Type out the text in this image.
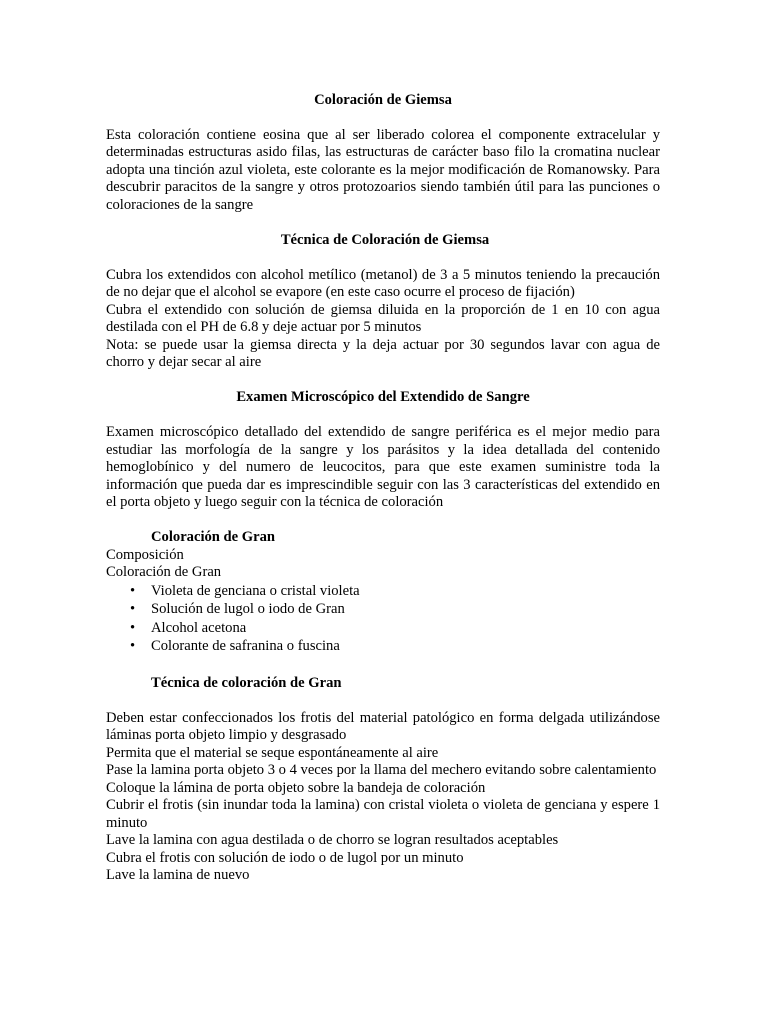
Coloración de Giemsa

Esta coloración contiene eosina que al ser liberado colorea el componente extracelular y determinadas estructuras asido filas, las estructuras de carácter baso filo la cromatina nuclear adopta una tinción azul violeta, este colorante es la mejor modificación de Romanowsky. Para descubrir paracitos de la sangre y otros protozoarios siendo también útil para las punciones o coloraciones de la sangre

Técnica de Coloración de Giemsa

Cubra los extendidos con alcohol metílico (metanol) de 3 a 5 minutos teniendo la precaución de no dejar que el alcohol se evapore (en este caso ocurre el proceso de fijación)

Cubra el extendido con solución de giemsa diluida en la proporción de 1 en 10 con agua destilada con el PH de 6.8 y deje actuar por 5 minutos

Nota: se puede usar la giemsa directa y la deja actuar por 30 segundos lavar con agua de chorro y dejar secar al aire

Examen Microscópico del Extendido de Sangre

Examen microscópico detallado del extendido de sangre periférica es el mejor medio para estudiar las morfología de la sangre y los parásitos y la idea detallada del contenido hemoglobínico y del numero de leucocitos, para que este examen suministre toda la información que pueda dar es imprescindible seguir con las 3 características del extendido en el porta objeto y luego seguir con la técnica de coloración

Coloración de Gran

Composición

Coloración de Gran

• Violeta de genciana o cristal violeta
• Solución de lugol o iodo de Gran
• Alcohol acetona
• Colorante de safranina o fuscina
Técnica de coloración de Gran

Deben estar confeccionados los frotis del material patológico en forma delgada utilizándose láminas porta objeto limpio y desgrasado

Permita que el material se seque espontáneamente al aire

Pase la lamina porta objeto 3 o 4 veces por la llama del mechero evitando sobre calentamiento

Coloque la lámina de porta objeto sobre la bandeja de coloración

Cubrir el frotis (sin inundar toda la lamina) con cristal violeta o violeta de genciana y espere 1 minuto

Lave la lamina con agua destilada o de chorro se logran resultados aceptables

Cubra el frotis con solución de iodo o de lugol por un minuto

Lave la lamina de nuevo
